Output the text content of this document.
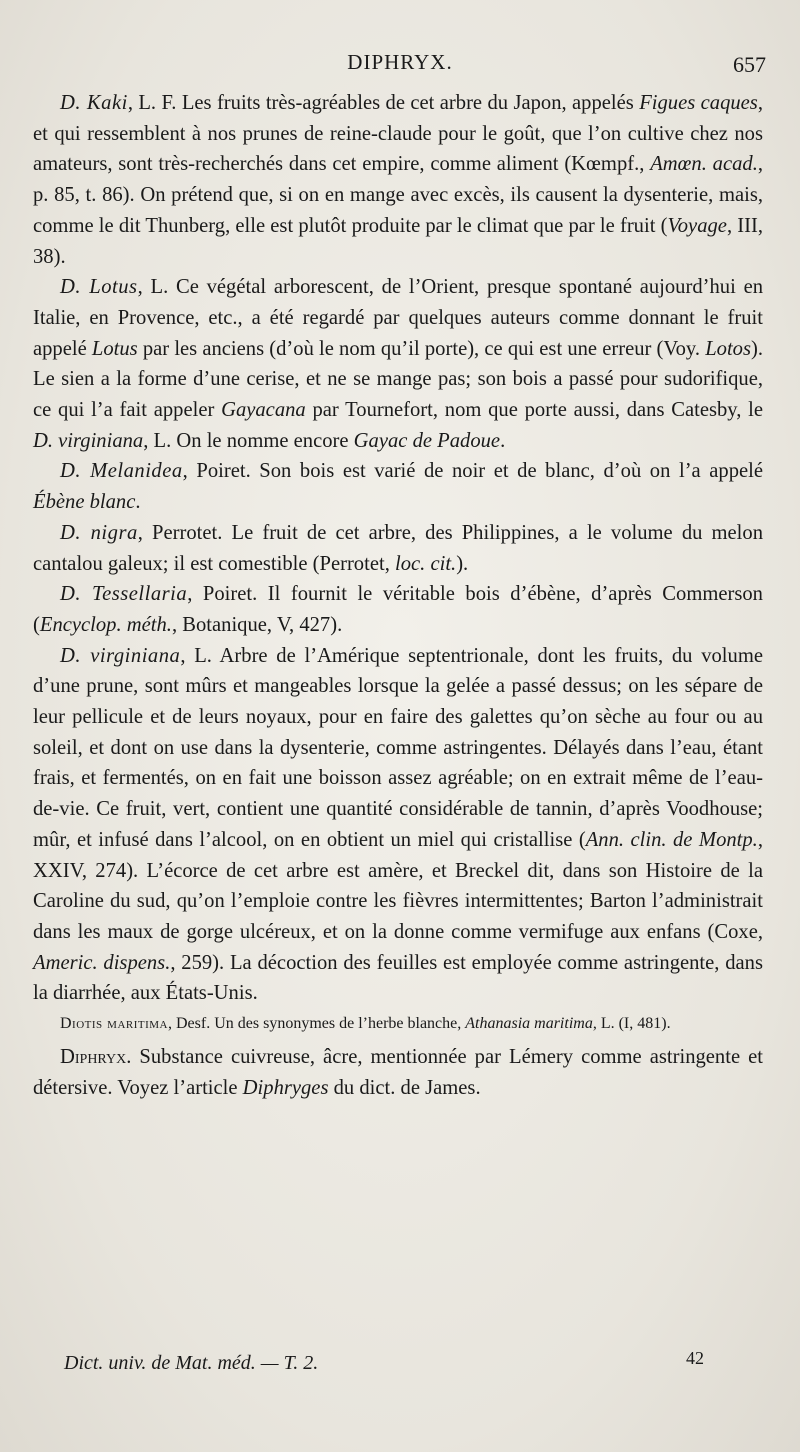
DIPHRYX.	657

D. Kaki, L. F. Les fruits très-agréables de cet arbre du Japon, appelés Figues caques, et qui ressemblent à nos prunes de reine-claude pour le goût, que l’on cultive chez nos amateurs, sont très-recherchés dans cet empire, comme aliment (Kœmpf., Amœn. acad., p. 85, t. 86). On prétend que, si on en mange avec excès, ils causent la dysenterie, mais, comme le dit Thunberg, elle est plutôt produite par le climat que par le fruit (Voyage, III, 38).

D. Lotus, L. Ce végétal arborescent, de l’Orient, presque spontané aujourd’hui en Italie, en Provence, etc., a été regardé par quelques auteurs comme donnant le fruit appelé Lotus par les anciens (d’où le nom qu’il porte), ce qui est une erreur (Voy. Lotos). Le sien a la forme d’une cerise, et ne se mange pas; son bois a passé pour sudorifique, ce qui l’a fait appeler Gayacana par Tournefort, nom que porte aussi, dans Catesby, le D. virginiana, L. On le nomme encore Gayac de Padoue.

D. Melanidea, Poiret. Son bois est varié de noir et de blanc, d’où on l’a appelé Ébène blanc.

D. nigra, Perrotet. Le fruit de cet arbre, des Philippines, a le volume du melon cantalou galeux; il est comestible (Perrotet, loc. cit.).

D. Tessellaria, Poiret. Il fournit le véritable bois d’ébène, d’après Commerson (Encyclop. méth., Botanique, V, 427).

D. virginiana, L. Arbre de l’Amérique septentrionale, dont les fruits, du volume d’une prune, sont mûrs et mangeables lorsque la gelée a passé dessus; on les sépare de leur pellicule et de leurs noyaux, pour en faire des galettes qu’on sèche au four ou au soleil, et dont on use dans la dysenterie, comme astringentes. Délayés dans l’eau, étant frais, et fermentés, on en fait une boisson assez agréable; on en extrait même de l’eau-de-vie. Ce fruit, vert, contient une quantité considérable de tannin, d’après Voodhouse; mûr, et infusé dans l’alcool, on en obtient un miel qui cristallise (Ann. clin. de Montp., XXIV, 274). L’écorce de cet arbre est amère, et Breckel dit, dans son Histoire de la Caroline du sud, qu’on l’emploie contre les fièvres intermittentes; Barton l’administrait dans les maux de gorge ulcéreux, et on la donne comme vermifuge aux enfans (Coxe, Americ. dispens., 259). La décoction des feuilles est employée comme astringente, dans la diarrhée, aux États-Unis.

Diotis maritima, Desf. Un des synonymes de l’herbe blanche, Athanasia maritima, L. (I, 481).

Diphryx. Substance cuivreuse, âcre, mentionnée par Lémery comme astringente et détersive. Voyez l’article Diphryges du dict. de James.

Dict. univ. de Mat. méd. — T. 2.	42
